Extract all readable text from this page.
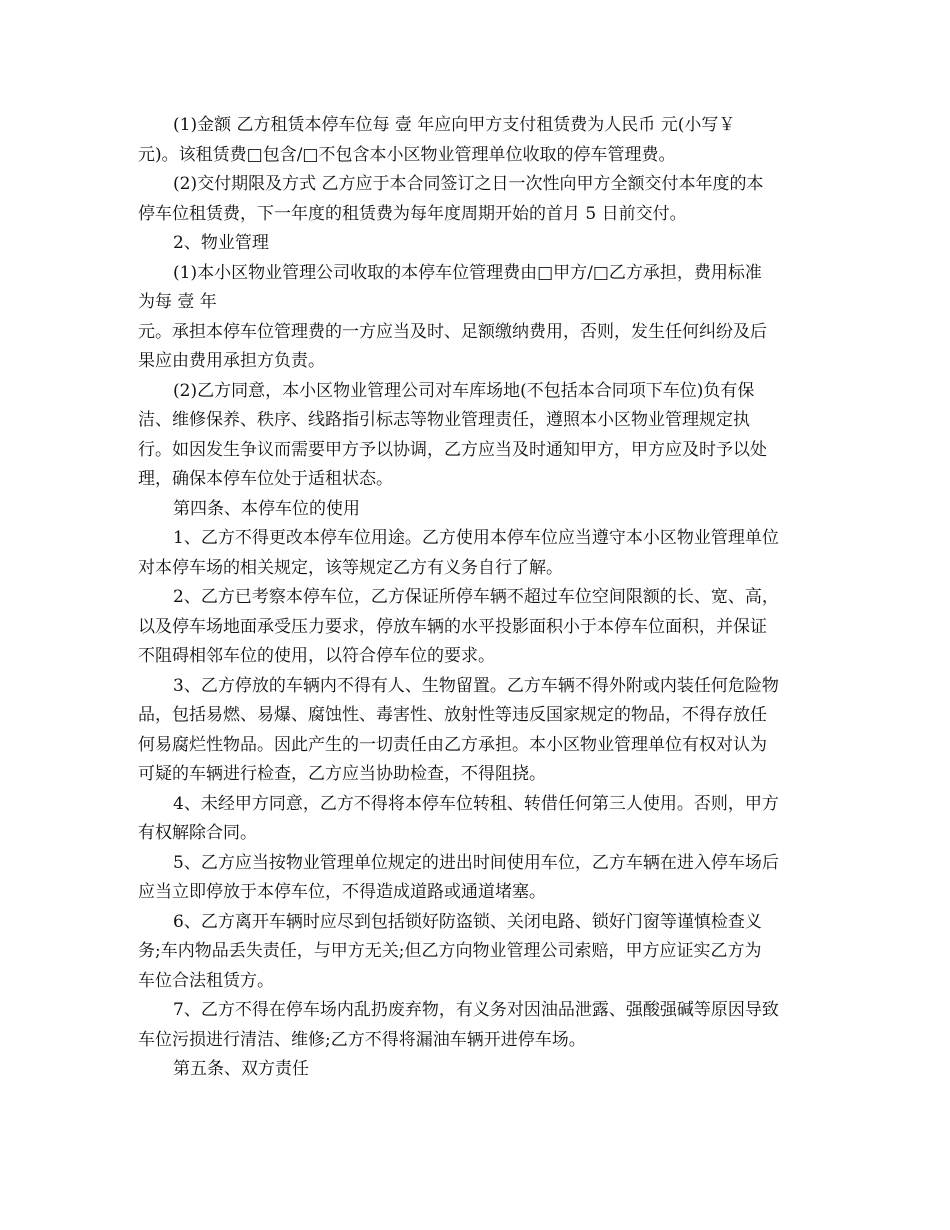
(1)金额 乙方租赁本停车位每 壹 年应向甲方支付租赁费为人民币 元(小写￥
元)。该租赁费□包含/□不包含本小区物业管理单位收取的停车管理费。

(2)交付期限及方式 乙方应于本合同签订之日一次性向甲方全额交付本年度的本
停车位租赁费，下一年度的租赁费为每年度周期开始的首月 5 日前交付。

2、物业管理

(1)本小区物业管理公司收取的本停车位管理费由□甲方/□乙方承担，费用标准
为每 壹 年
元。承担本停车位管理费的一方应当及时、足额缴纳费用，否则，发生任何纠纷及后
果应由费用承担方负责。

(2)乙方同意，本小区物业管理公司对车库场地(不包括本合同项下车位)负有保
洁、维修保养、秩序、线路指引标志等物业管理责任，遵照本小区物业管理规定执
行。如因发生争议而需要甲方予以协调，乙方应当及时通知甲方，甲方应及时予以处
理，确保本停车位处于适租状态。

第四条、本停车位的使用

1、乙方不得更改本停车位用途。乙方使用本停车位应当遵守本小区物业管理单位
对本停车场的相关规定，该等规定乙方有义务自行了解。

2、乙方已考察本停车位，乙方保证所停车辆不超过车位空间限额的长、宽、高，
以及停车场地面承受压力要求，停放车辆的水平投影面积小于本停车位面积，并保证
不阻碍相邻车位的使用，以符合停车位的要求。

3、乙方停放的车辆内不得有人、生物留置。乙方车辆不得外附或内装任何危险物
品，包括易燃、易爆、腐蚀性、毒害性、放射性等违反国家规定的物品，不得存放任
何易腐烂性物品。因此产生的一切责任由乙方承担。本小区物业管理单位有权对认为
可疑的车辆进行检查，乙方应当协助检查，不得阻挠。

4、未经甲方同意，乙方不得将本停车位转租、转借任何第三人使用。否则，甲方
有权解除合同。

5、乙方应当按物业管理单位规定的进出时间使用车位，乙方车辆在进入停车场后
应当立即停放于本停车位，不得造成道路或通道堵塞。

6、乙方离开车辆时应尽到包括锁好防盗锁、关闭电路、锁好门窗等谨慎检查义
务;车内物品丢失责任，与甲方无关;但乙方向物业管理公司索赔，甲方应证实乙方为
车位合法租赁方。

7、乙方不得在停车场内乱扔废弃物，有义务对因油品泄露、强酸强碱等原因导致
车位污损进行清洁、维修;乙方不得将漏油车辆开进停车场。

第五条、双方责任
